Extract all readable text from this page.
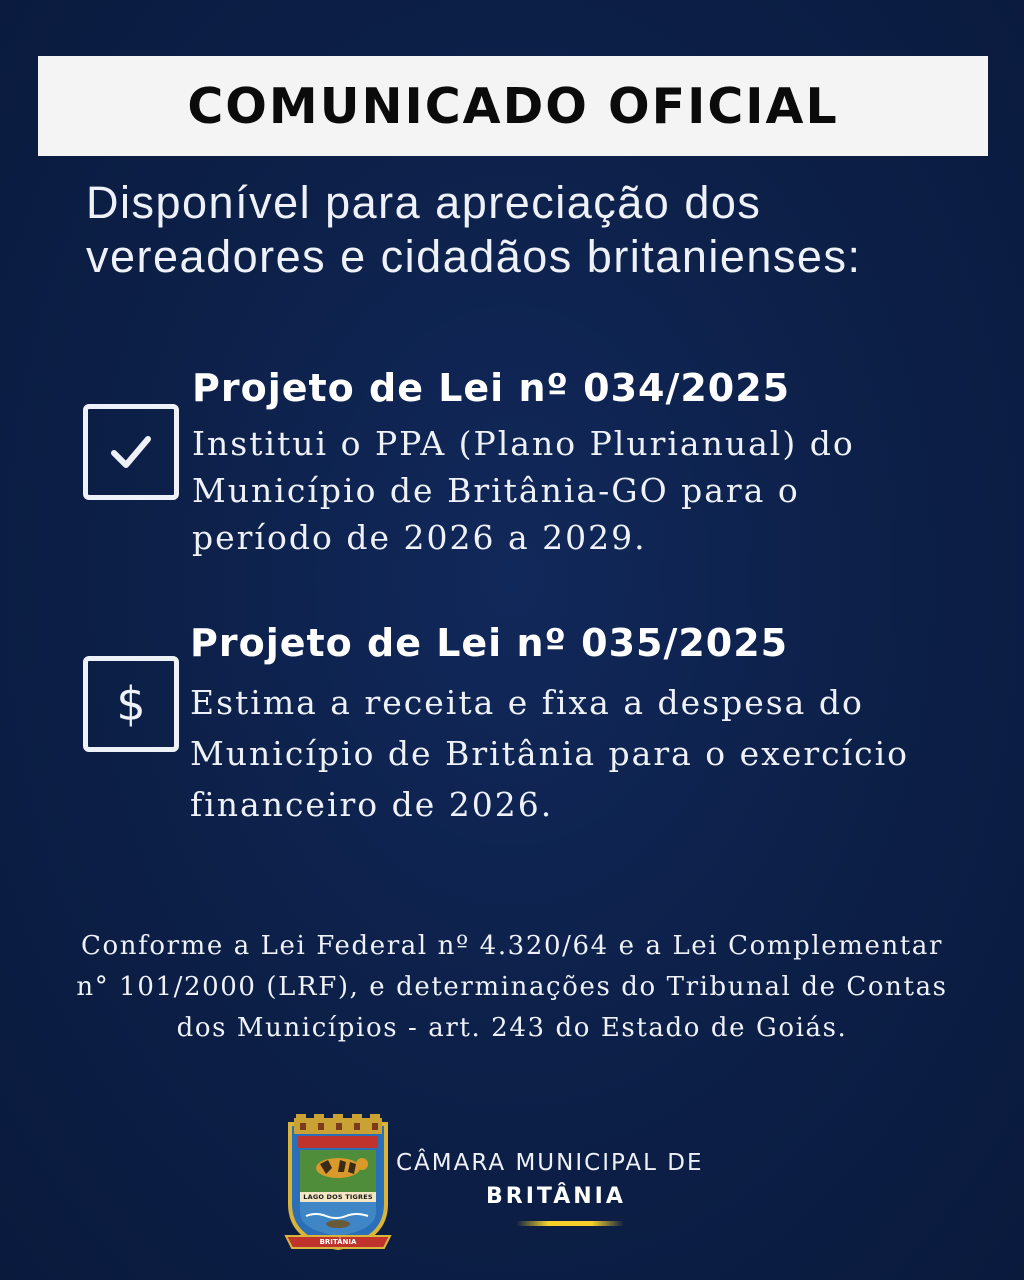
COMUNICADO OFICIAL
Disponível para apreciação dos
vereadores e cidadãos britanienses:
Projeto de Lei nº 034/2025
Institui o PPA (Plano Plurianual) do
Município de Britânia-GO para o
período de 2026 a 2029.
$
Projeto de Lei nº 035/2025
Estima a receita e fixa a despesa do
Município de Britânia para o exercício
financeiro de 2026.
Conforme a Lei Federal nº 4.320/64 e a Lei Complementar
n° 101/2000 (LRF), e determinações do Tribunal de Contas
dos Municípios - art. 243 do Estado de Goiás.
LAGO DOS TIGRES
BRITÂNIA
CÂMARA MUNICIPAL DE
BRITÂNIA
